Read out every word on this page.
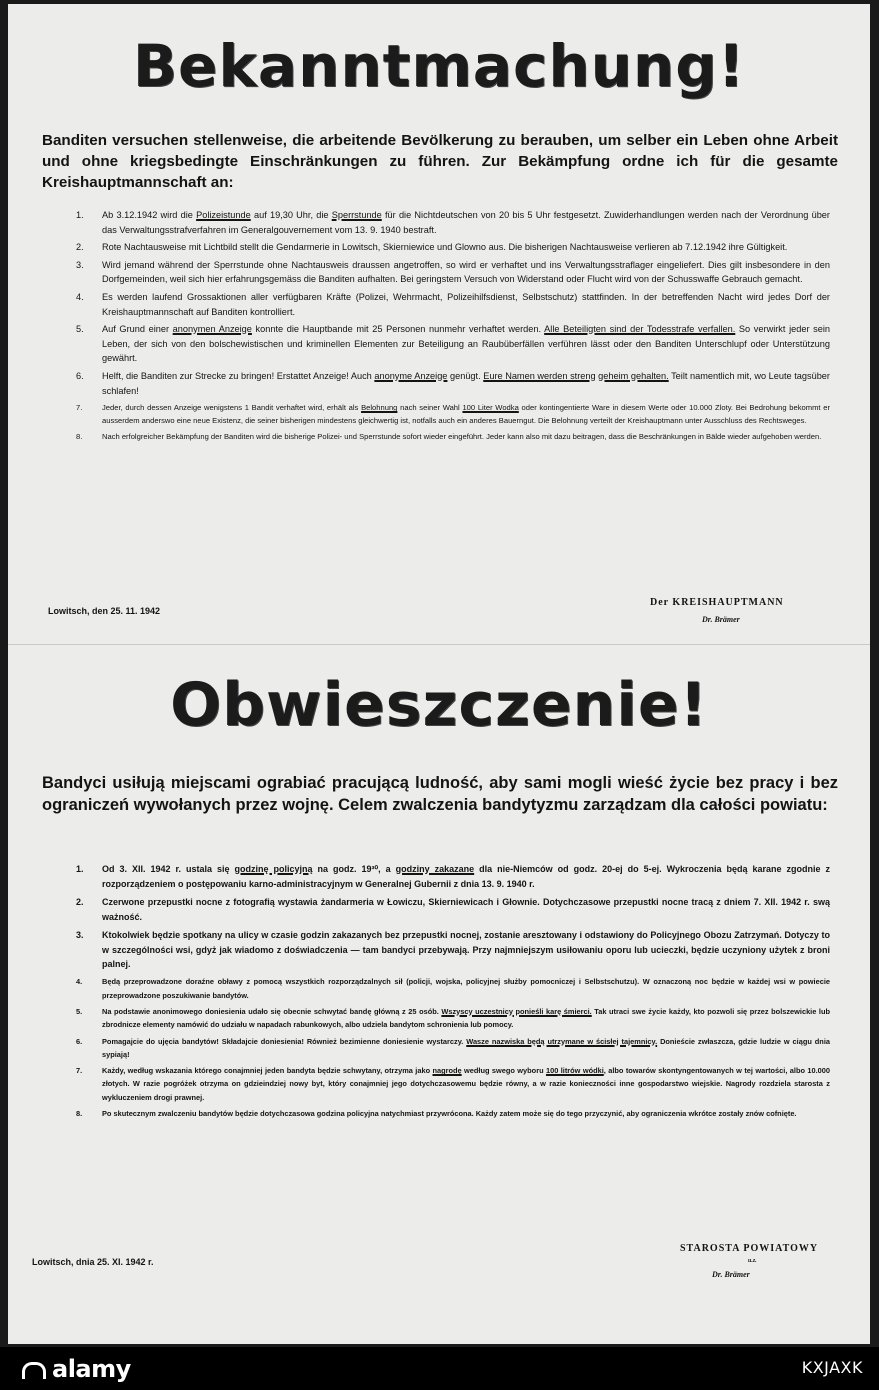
Bekanntmachung!

Banditen versuchen stellenweise, die arbeitende Bevölkerung zu berauben, um selber ein Leben ohne Arbeit und ohne kriegsbedingte Einschränkungen zu führen. Zur Bekämpfung ordne ich für die gesamte Kreishauptmannschaft an:

1. Ab 3.12.1942 wird die Polizeistunde auf 19,30 Uhr, die Sperrstunde für die Nichtdeutschen von 20 bis 5 Uhr festgesetzt. Zuwiderhandlungen werden nach der Verordnung über das Verwaltungsstrafverfahren im Generalgouvernement vom 13. 9. 1940 bestraft.
2. Rote Nachtausweise mit Lichtbild stellt die Gendarmerie in Lowitsch, Skierniewice und Glowno aus. Die bisherigen Nachtausweise verlieren ab 7.12.1942 ihre Gültigkeit.
3. Wird jemand während der Sperrstunde ohne Nachtausweis draussen angetroffen, so wird er verhaftet und ins Verwaltungsstraflager eingeliefert. Dies gilt insbesondere in den Dorfgemeinden, weil sich hier erfahrungsgemäss die Banditen aufhalten. Bei geringstem Versuch von Widerstand oder Flucht wird von der Schusswaffe Gebrauch gemacht.
4. Es werden laufend Grossaktionen aller verfügbaren Kräfte (Polizei, Wehrmacht, Polizeihilfsdienst, Selbstschutz) stattfinden. In der betreffenden Nacht wird jedes Dorf der Kreishauptmannschaft auf Banditen kontrolliert.
5. Auf Grund einer anonymen Anzeige konnte die Hauptbande mit 25 Personen nunmehr verhaftet werden. Alle Beteiligten sind der Todesstrafe verfallen. So verwirkt jeder sein Leben, der sich von den bolschewistischen und kriminellen Elementen zur Beteiligung an Raubüberfällen verführen lässt oder den Banditen Unterschlupf oder Unterstützung gewährt.
6. Helft, die Banditen zur Strecke zu bringen! Erstattet Anzeige! Auch anonyme Anzeige genügt. Eure Namen werden streng geheim gehalten. Teilt namentlich mit, wo Leute tagsüber schlafen!
7.	Jeder, durch dessen Anzeige wenigstens 1 Bandit verhaftet wird, erhält als Belohnung nach seiner Wahl 100 Liter Wodka oder kontingentierte Ware in diesem Werte oder 10.000 Zloty. Bei Bedrohung bekommt er ausserdem anderswo eine neue Existenz, die seiner bisherigen mindestens gleichwertig ist, notfalls auch ein anderes Bauerngut. Die Belohnung verteilt der Kreishauptmann unter Ausschluss des Rechtsweges.
8.	Nach erfolgreicher Bekämpfung der Banditen wird die bisherige Polizei- und Sperrstunde sofort wieder eingeführt. Jeder kann also mit dazu beitragen, dass die Beschränkungen in Bälde wieder aufgehoben werden.
Lowitsch, den 25. 11. 1942
Der KREISHAUPTMANN
Dr. Brämer
Obwieszczenie!

Bandyci usiłują miejscami ograbiać pracującą ludność, aby sami mogli wieść życie bez pracy i bez ograniczeń wywołanych przez wojnę. Celem zwalczenia bandytyzmu zarządzam dla całości powiatu:

1. Od 3. XII. 1942 r. ustala się godzinę policyjną na godz. 19³⁰, a godziny zakazane dla nie-Niemców od godz. 20-ej do 5-ej. Wykroczenia będą karane zgodnie z rozporządzeniem o postępowaniu karno-administracyjnym w Generalnej Gubernii z dnia 13. 9. 1940 r.
2. Czerwone przepustki nocne z fotografią wystawia żandarmeria w Łowiczu, Skierniewicach i Głownie. Dotychczasowe przepustki nocne tracą z dniem 7. XII. 1942 r. swą ważność.
3. Ktokolwiek będzie spotkany na ulicy w czasie godzin zakazanych bez przepustki nocnej, zostanie aresztowany i odstawiony do Policyjnego Obozu Zatrzymań. Dotyczy to w szczególności wsi, gdyż jak wiadomo z doświadczenia — tam bandyci przebywają. Przy najmniejszym usiłowaniu oporu lub ucieczki, będzie uczyniony użytek z broni palnej.
4.	Będą przeprowadzone doraźne obławy z pomocą wszystkich rozporządzalnych sił (policji, wojska, policyjnej służby pomocniczej i Selbstschutzu). W oznaczoną noc będzie w każdej wsi w powiecie przeprowadzone poszukiwanie bandytów.
5.	Na podstawie anonimowego doniesienia udało się obecnie schwytać bandę główną z 25 osób. Wszyscy uczestnicy ponieśli karę śmierci. Tak utraci swe życie każdy, kto pozwoli się przez bolszewickie lub zbrodnicze elementy namówić do udziału w napadach rabunkowych, albo udziela bandytom schronienia lub pomocy.
6.	Pomagajcie do ujęcia bandytów! Składajcie doniesienia! Również bezimienne doniesienie wystarczy. Wasze nazwiska będą utrzymane w ścisłej tajemnicy. Donieście zwłaszcza, gdzie ludzie w ciągu dnia sypiają!
7.	Każdy, według wskazania którego conajmniej jeden bandyta będzie schwytany, otrzyma jako nagrodę według swego wyboru 100 litrów wódki, albo towarów skontyngentowanych w tej wartości, albo 10.000 złotych. W razie pogróżek otrzyma on gdzieindziej nowy byt, który conajmniej jego dotychczasowemu będzie równy, a w razie konieczności inne gospodarstwo wiejskie. Nagrody rozdziela starosta z wykluczeniem drogi prawnej.
8.	Po skutecznym zwalczeniu bandytów będzie dotychczasowa godzina policyjna natychmiast przywrócona. Każdy zatem może się do tego przyczynić, aby ograniczenia wkrótce zostały znów cofnięte.
Lowitsch, dnia 25. XI. 1942 r.
STAROSTA POWIATOWY
u.z.
Dr. Brämer
alamy	KXJAXK
